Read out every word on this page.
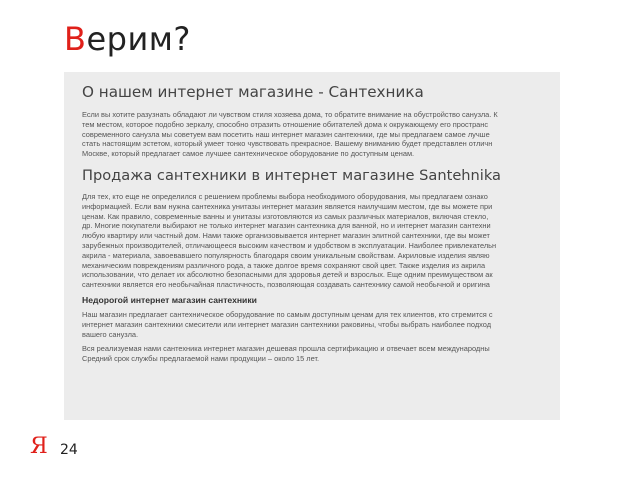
Верим?
О нашем интернет магазине - Сантехника

Если вы хотите разузнать обладают ли чувством стиля хозяева дома, то обратите внимание на обустройство санузла. К
тем местом, которое подобно зеркалу, способно отразить отношение обитателей дома к окружающему его пространс
современного санузла мы советуем вам посетить наш интернет магазин сантехники, где мы предлагаем самое лучше
стать настоящим эстетом, который умеет тонко чувствовать прекрасное. Вашему вниманию будет представлен отличн
Москве, который предлагает самое лучшее сантехническое оборудование по доступным ценам.

Продажа сантехники в интернет магазине Santehnika

Для тех, кто еще не определился с решением проблемы выбора необходимого оборудования, мы предлагаем ознако
информацией. Если вам нужна сантехника унитазы интернет магазин является наилучшим местом, где вы можете при
ценам. Как правило, современные ванны и унитазы изготовляются из самых различных материалов, включая стекло,
др. Многие покупатели выбирают не только интернет магазин сантехника для ванной, но и интернет магазин сантехни
любую квартиру или частный дом. Нами также организовывается интернет магазин элитной сантехники, где вы может
зарубежных производителей, отличающееся высоким качеством и удобством в эксплуатации. Наиболее привлекательн
акрила - материала, завоевавшего популярность благодаря своим уникальным свойствам. Акриловые изделия являю
механическим повреждениям различного рода, а также долгое время сохраняют свой цвет. Также изделия из акрила
использовании, что делает их абсолютно безопасными для здоровья детей и взрослых. Еще одним преимуществом ак
сантехники является его необычайная пластичность, позволяющая создавать сантехнику самой необычной и оригина

Недорогой интернет магазин сантехники

Наш магазин предлагает сантехническое оборудование по самым доступным ценам для тех клиентов, кто стремится с
интернет магазин сантехники смесители или интернет магазин сантехники раковины, чтобы выбрать наиболее подход
вашего санузла.

Вся реализуемая нами сантехника интернет магазин дешевая прошла сертификацию и отвечает всем международны
Средний срок службы предлагаемой нами продукции – около 15 лет.

Я 24
